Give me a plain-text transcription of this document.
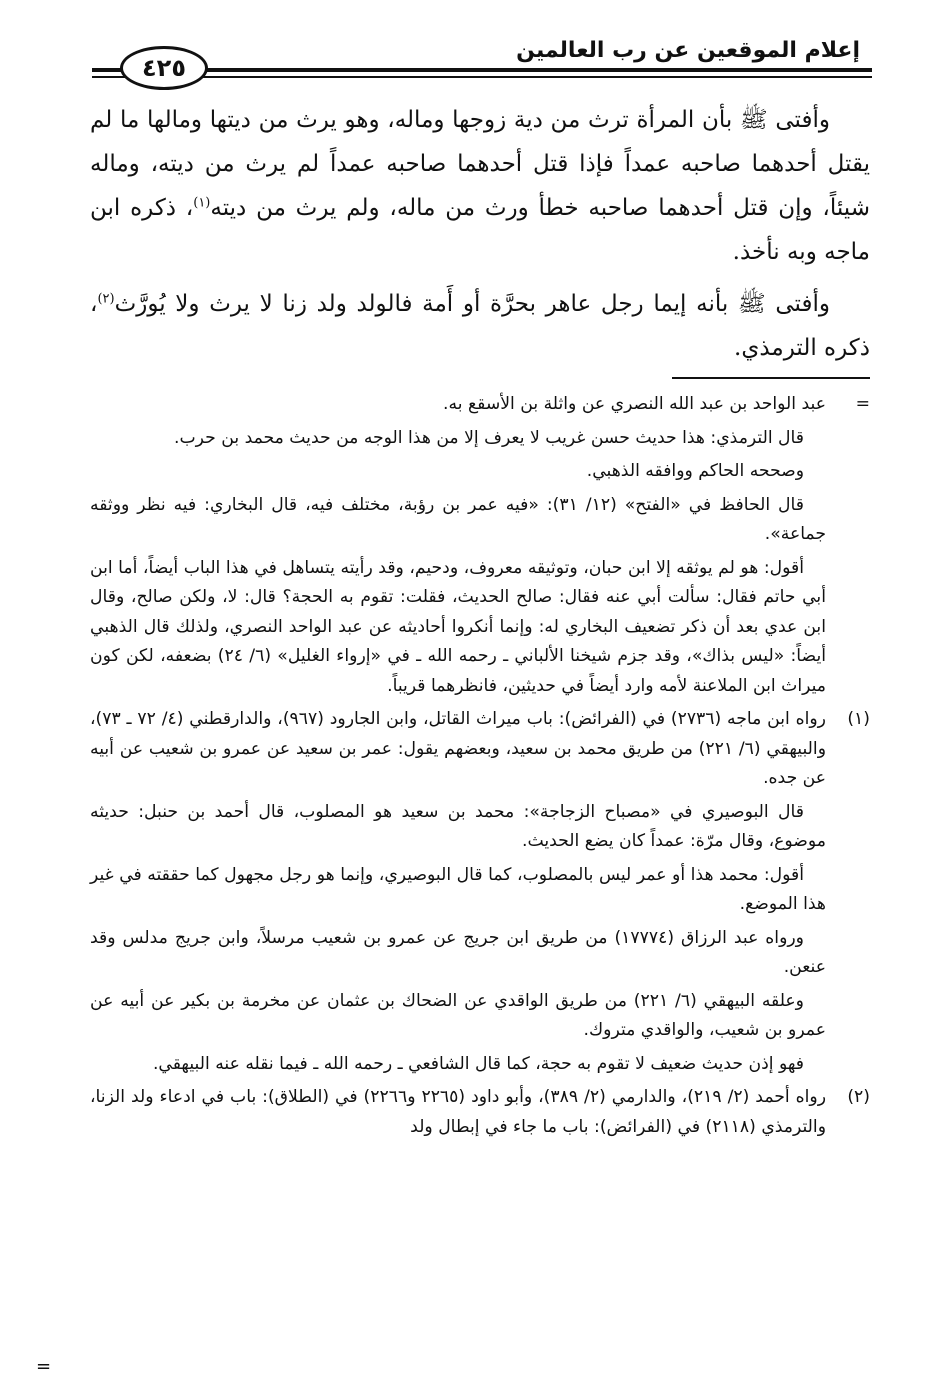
إعلام الموقعين عن رب العالمين
٤٢٥

وأفتى ﷺ بأن المرأة ترث من دية زوجها وماله، وهو يرث من ديتها ومالها ما لم يقتل أحدهما صاحبه عمداً فإذا قتل أحدهما صاحبه عمداً لم يرث من ديته، وماله شيئاً، وإن قتل أحدهما صاحبه خطأ ورث من ماله، ولم يرث من ديته$^{(١)}$، ذكره ابن ماجه وبه نأخذ.

وأفتى ﷺ بأنه إيما رجل عاهر بحرَّة أو أَمة فالولد ولد زنا لا يرث ولا يُورَّث$^{(٢)}$، ذكره الترمذي.

=

عبد الواحد بن عبد الله النصري عن واثلة بن الأسقع به.

قال الترمذي: هذا حديث حسن غريب لا يعرف إلا من هذا الوجه من حديث محمد بن حرب.

وصححه الحاكم ووافقه الذهبي.

قال الحافظ في «الفتح» (١٢/ ٣١): «فيه عمر بن رؤبة، مختلف فيه، قال البخاري: فيه نظر ووثقه جماعة».

أقول: هو لم يوثقه إلا ابن حبان، وتوثيقه معروف، ودحيم، وقد رأيته يتساهل في هذا الباب أيضاً، أما ابن أبي حاتم فقال: سألت أبي عنه فقال: صالح الحديث، فقلت: تقوم به الحجة؟ قال: لا، ولكن صالح، وقال ابن عدي بعد أن ذكر تضعيف البخاري له: وإنما أنكروا أحاديثه عن عبد الواحد النصري، ولذلك قال الذهبي أيضاً: «ليس بذاك»، وقد جزم شيخنا الألباني ـ رحمه الله ـ في «إرواء الغليل» (٦/ ٢٤) بضعفه، لكن كون ميراث ابن الملاعنة لأمه وارد أيضاً في حديثين، فانظرهما قريباً.

(١)

رواه ابن ماجه (٢٧٣٦) في (الفرائض): باب ميراث القاتل، وابن الجارود (٩٦٧)، والدارقطني (٤/ ٧٢ ـ ٧٣)، والبيهقي (٦/ ٢٢١) من طريق محمد بن سعيد، وبعضهم يقول: عمر بن سعيد عن عمرو بن شعيب عن أبيه عن جده.

قال البوصيري في «مصباح الزجاجة»: محمد بن سعيد هو المصلوب، قال أحمد بن حنبل: حديثه موضوع، وقال مرّة: عمداً كان يضع الحديث.

أقول: محمد هذا أو عمر ليس بالمصلوب، كما قال البوصيري، وإنما هو رجل مجهول كما حققته في غير هذا الموضع.

ورواه عبد الرزاق (١٧٧٧٤) من طريق ابن جريج عن عمرو بن شعيب مرسلاً، وابن جريج مدلس وقد عنعن.

وعلقه البيهقي (٦/ ٢٢١) من طريق الواقدي عن الضحاك بن عثمان عن مخرمة بن بكير عن أبيه عن عمرو بن شعيب، والواقدي متروك.

فهو إذن حديث ضعيف لا تقوم به حجة، كما قال الشافعي ـ رحمه الله ـ فيما نقله عنه البيهقي.

(٢)

رواه أحمد (٢/ ٢١٩)، والدارمي (٢/ ٣٨٩)، وأبو داود (٢٢٦٥ و٢٢٦٦) في (الطلاق): باب في ادعاء ولد الزنا، والترمذي (٢١١٨) في (الفرائض): باب ما جاء في إبطال ولد

=
